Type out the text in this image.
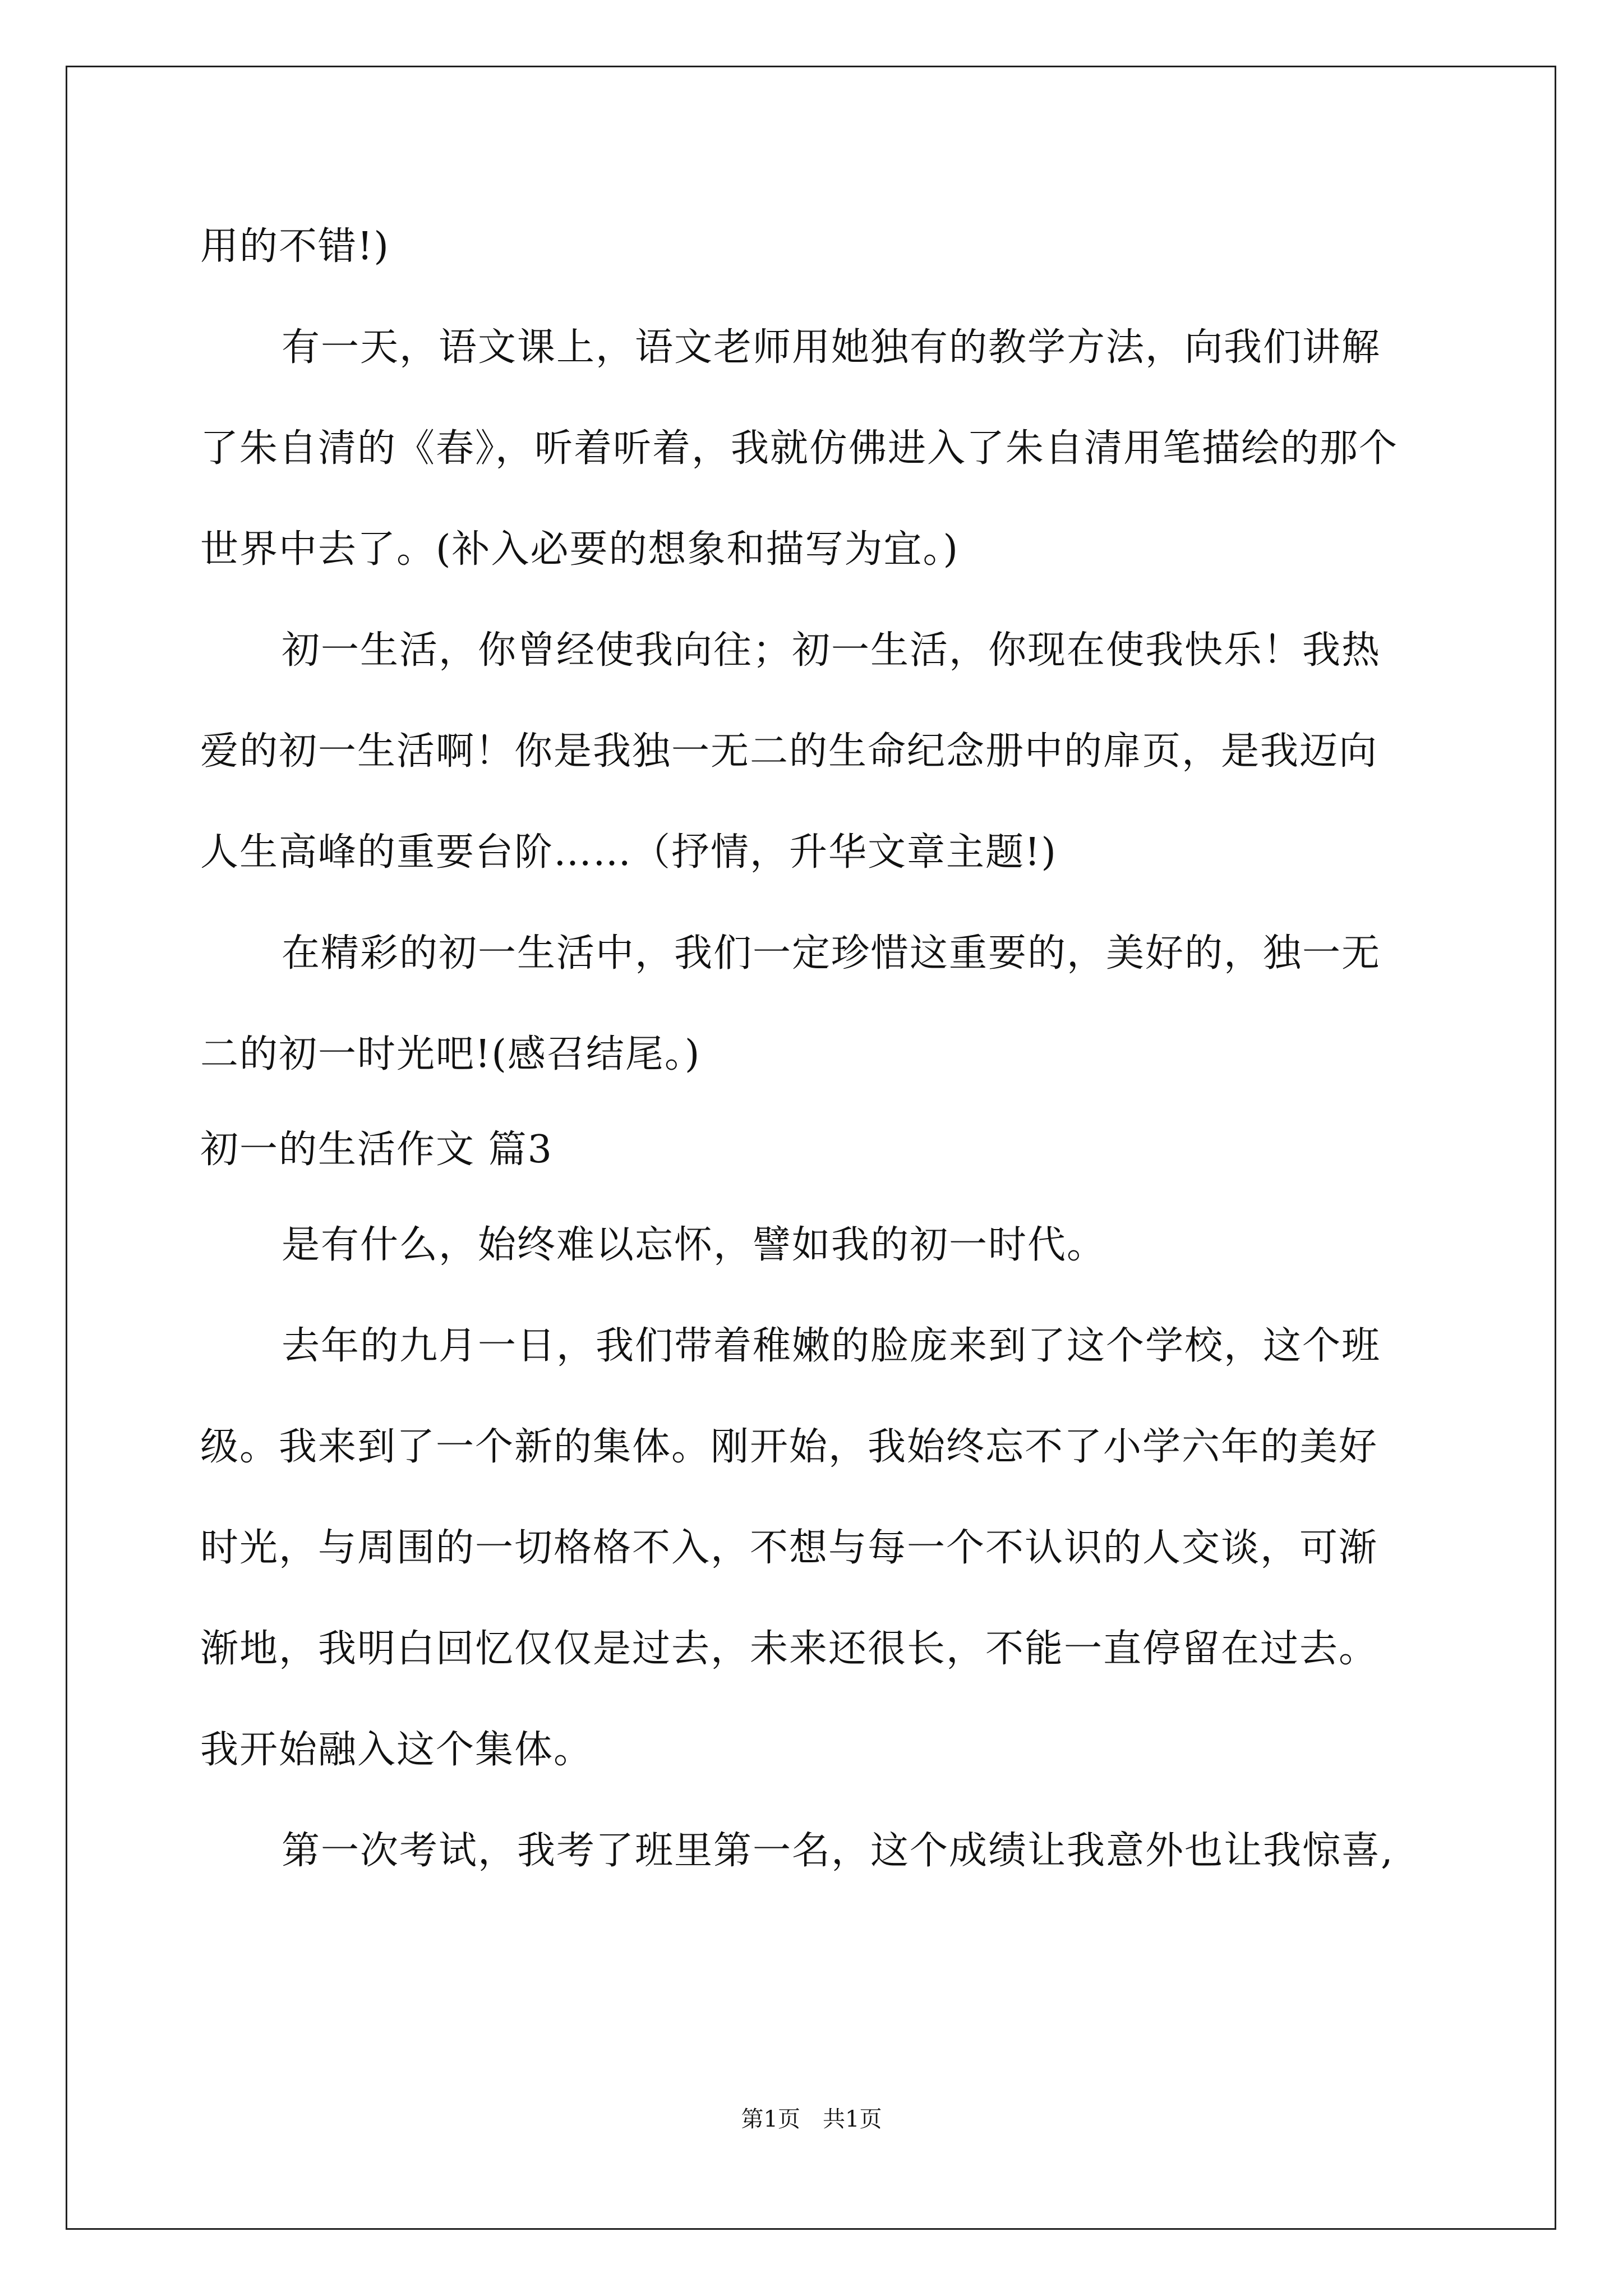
用的不错!)
有一天，语文课上，语文老师用她独有的教学方法，向我们讲解
了朱自清的《春》，听着听着，我就仿佛进入了朱自清用笔描绘的那个
世界中去了。(补入必要的想象和描写为宜。)
初一生活，你曾经使我向往；初一生活，你现在使我快乐！我热
爱的初一生活啊！你是我独一无二的生命纪念册中的扉页，是我迈向
人生高峰的重要台阶……（抒情，升华文章主题!)
在精彩的初一生活中，我们一定珍惜这重要的，美好的，独一无
二的初一时光吧!(感召结尾。)
初一的生活作文 篇3
是有什么，始终难以忘怀，譬如我的初一时代。
去年的九月一日，我们带着稚嫩的脸庞来到了这个学校，这个班
级。我来到了一个新的集体。刚开始，我始终忘不了小学六年的美好
时光，与周围的一切格格不入，不想与每一个不认识的人交谈，可渐
渐地，我明白回忆仅仅是过去，未来还很长，不能一直停留在过去。
我开始融入这个集体。
第一次考试，我考了班里第一名，这个成绩让我意外也让我惊喜,
第1页　共1页
